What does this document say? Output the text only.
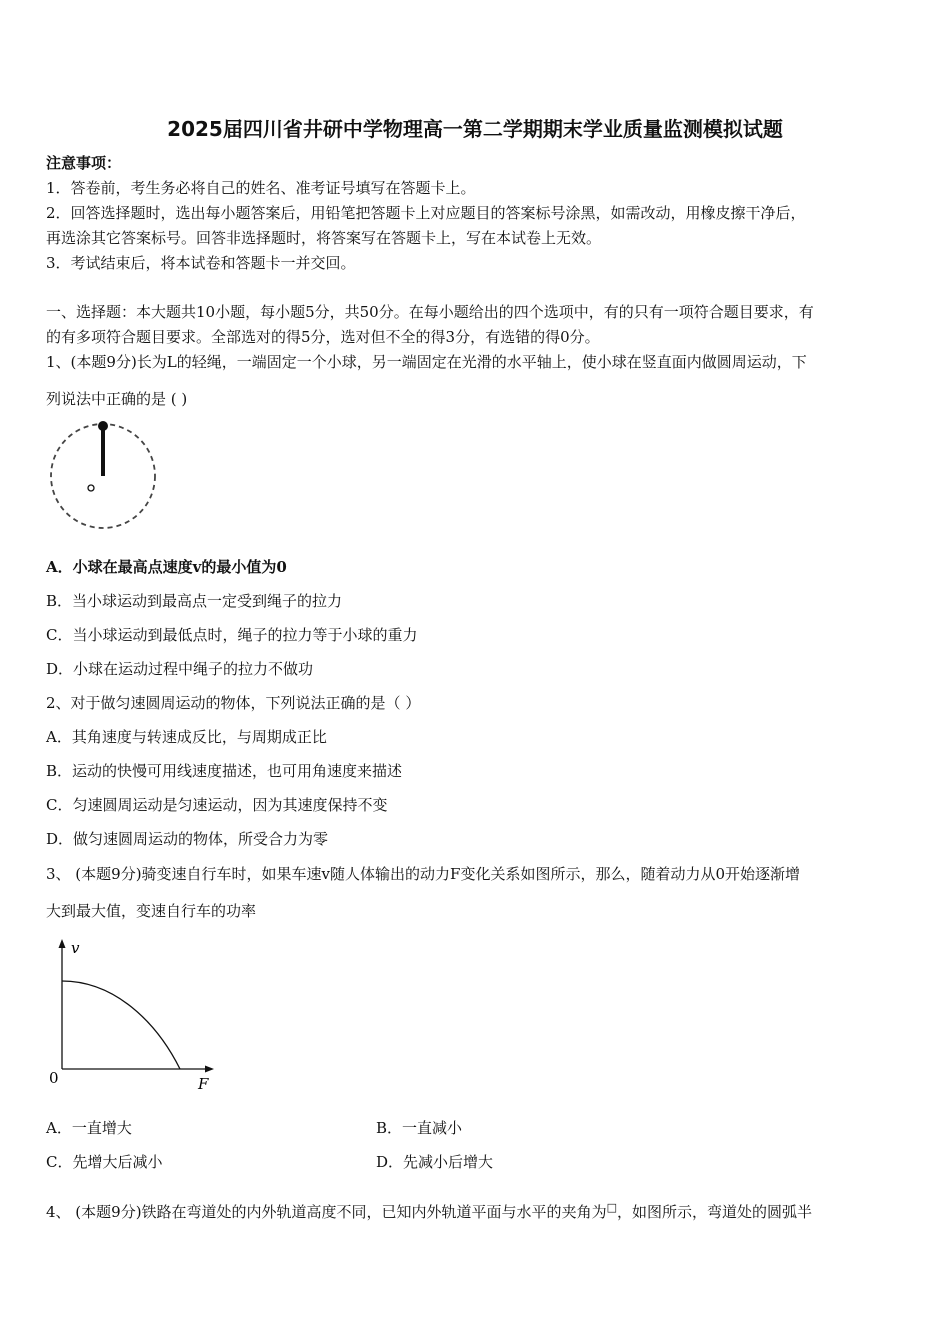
2025届四川省井研中学物理高一第二学期期末学业质量监测模拟试题
注意事项：
1．答卷前，考生务必将自己的姓名、准考证号填写在答题卡上。
2．回答选择题时，选出每小题答案后，用铅笔把答题卡上对应题目的答案标号涂黑，如需改动，用橡皮擦干净后，
再选涂其它答案标号。回答非选择题时，将答案写在答题卡上，写在本试卷上无效。
3．考试结束后，将本试卷和答题卡一并交回。
一、选择题：本大题共10小题，每小题5分，共50分。在每小题给出的四个选项中，有的只有一项符合题目要求，有
的有多项符合题目要求。全部选对的得5分，选对但不全的得3分，有选错的得0分。
1、(本题9分)长为L的轻绳，一端固定一个小球，另一端固定在光滑的水平轴上，使小球在竖直面内做圆周运动，下
列说法中正确的是 ( )
A．小球在最高点速度v的最小值为0
B．当小球运动到最高点一定受到绳子的拉力
C．当小球运动到最低点时，绳子的拉力等于小球的重力
D．小球在运动过程中绳子的拉力不做功
2、对于做匀速圆周运动的物体，下列说法正确的是（ ）
A．其角速度与转速成反比，与周期成正比
B．运动的快慢可用线速度描述，也可用角速度来描述
C．匀速圆周运动是匀速运动，因为其速度保持不变
D．做匀速圆周运动的物体，所受合力为零
3、 (本题9分)骑变速自行车时，如果车速v随人体输出的动力F变化关系如图所示，那么，随着动力从0开始逐渐增
大到最大值，变速自行车的功率
v
F
0
A．一直增大	B．一直减小
C．先增大后减小	D．先减小后增大
4、 (本题9分)铁路在弯道处的内外轨道高度不同，已知内外轨道平面与水平的夹角为□，如图所示，弯道处的圆弧半
